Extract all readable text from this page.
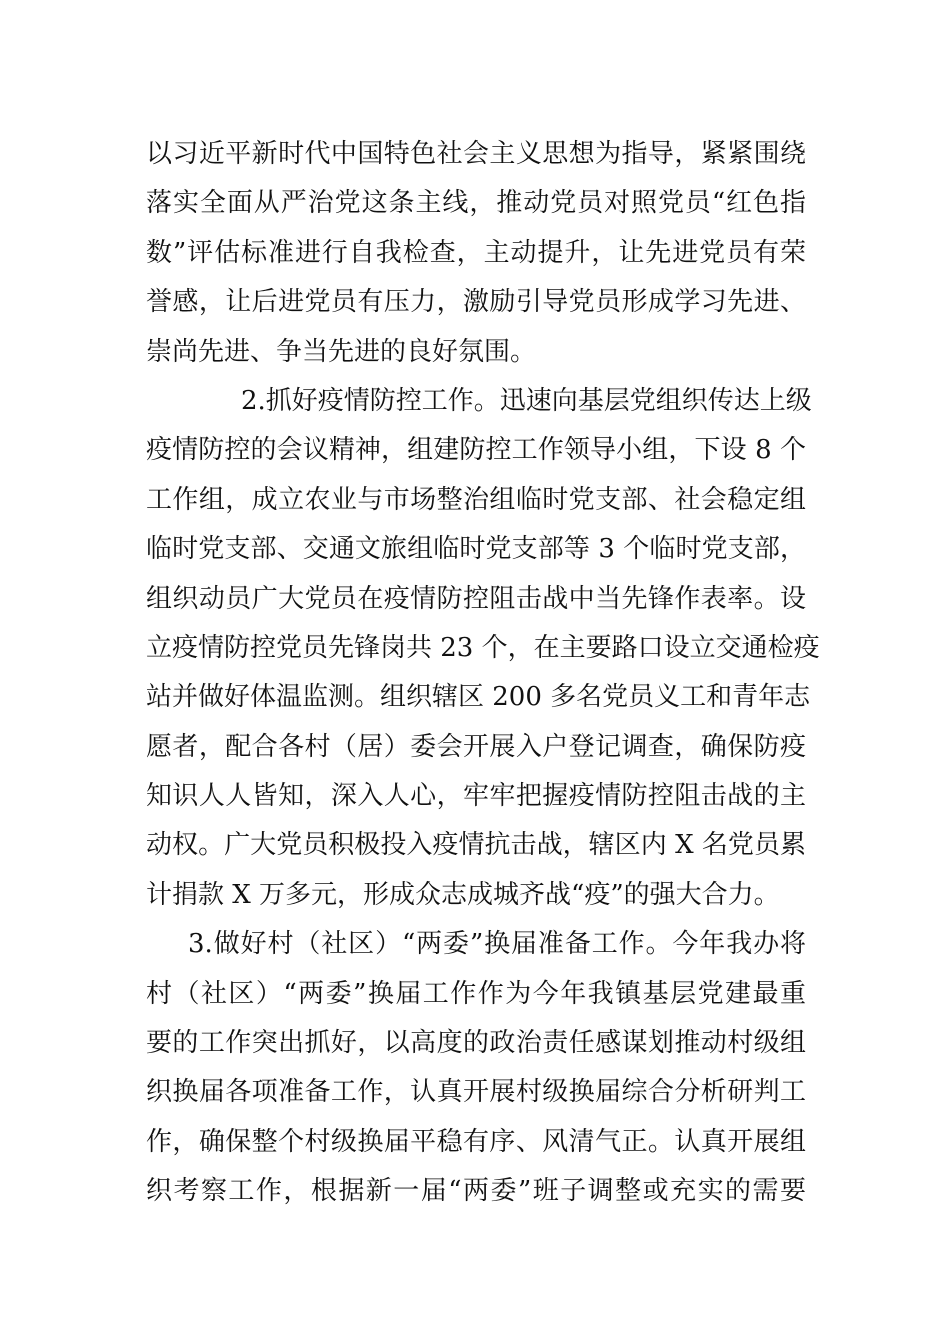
以习近平新时代中国特色社会主义思想为指导，紧紧围绕
落实全面从严治党这条主线，推动党员对照党员“红色指
数”评估标准进行自我检查，主动提升，让先进党员有荣
誉感，让后进党员有压力，激励引导党员形成学习先进、
崇尚先进、争当先进的良好氛围。
2.抓好疫情防控工作。迅速向基层党组织传达上级
疫情防控的会议精神，组建防控工作领导小组，下设 8 个
工作组，成立农业与市场整治组临时党支部、社会稳定组
临时党支部、交通文旅组临时党支部等 3 个临时党支部，
组织动员广大党员在疫情防控阻击战中当先锋作表率。设
立疫情防控党员先锋岗共 23 个，在主要路口设立交通检疫
站并做好体温监测。组织辖区 200 多名党员义工和青年志
愿者，配合各村（居）委会开展入户登记调查，确保防疫
知识人人皆知，深入人心，牢牢把握疫情防控阻击战的主
动权。广大党员积极投入疫情抗击战，辖区内 X 名党员累
计捐款 X 万多元，形成众志成城齐战“疫”的强大合力。
3.做好村（社区）“两委”换届准备工作。今年我办将
村（社区）“两委”换届工作作为今年我镇基层党建最重
要的工作突出抓好，以高度的政治责任感谋划推动村级组
织换届各项准备工作，认真开展村级换届综合分析研判工
作，确保整个村级换届平稳有序、风清气正。认真开展组
织考察工作，根据新一届“两委”班子调整或充实的需要
